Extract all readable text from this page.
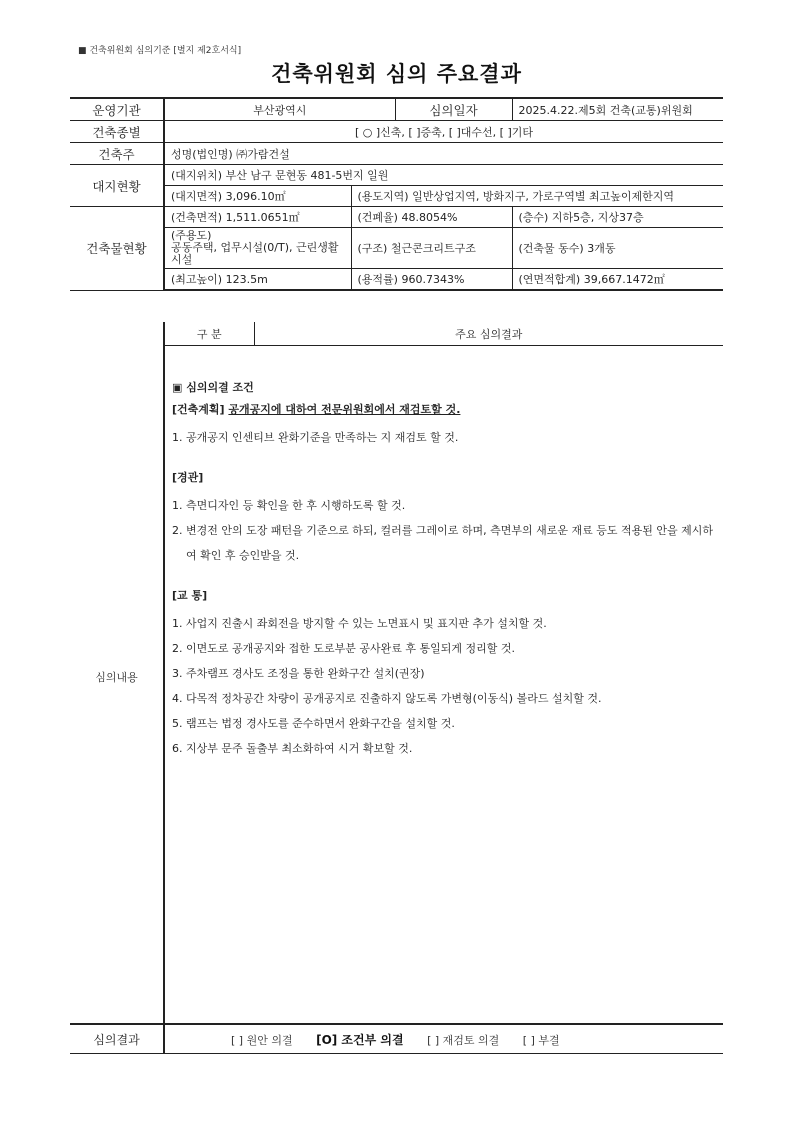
■ 건축위원회 심의기준 [별지 제2호서식]
건축위원회 심의 주요결과
운영기관	부산광역시		심의일자	2025.4.22.제5회 건축(교통)위원회
건축종별	[ ○ ]신축, [ ]증축, [ ]대수선, [ ]기타			
건축주	성명(법인명) ㈜가람건설			
대지현황	(대지위치) 부산 남구 문현동 481-5번지 일원			
	(대지면적) 3,096.10㎡	(용도지역) 일반상업지역, 방화지구, 가로구역별 최고높이제한지역		
건축물현황	(건축면적) 1,511.0651㎡	(건폐율) 48.8054%		(층수) 지하5층, 지상37층

	(주용도)
공동주택, 업무시설(0/T), 근린생활시설	(구조) 철근콘크리트구조		(건축물 동수) 3개동
	(최고높이) 123.5m	(용적률) 960.7343%		(연면적합계) 39,667.1472㎡
심의내용	구 분	주요 심의결과

▣ 심의의결 조건
[건축계획] 공개공지에 대하여 전문위원회에서 재검토할 것.
1. 공개공지 인센티브 완화기준을 만족하는 지 재검토 할 것.
[경관]
1. 측면디자인 등 확인을 한 후 시행하도록 할 것.
2. 변경전 안의 도장 패턴을 기준으로 하되, 컬러를 그레이로 하며, 측면부의 새로운 재료 등도 적용된 안을 제시하여 확인 후 승인받을 것.
[교 통]
1. 사업지 진출시 좌회전을 방지할 수 있는 노면표시 및 표지판 추가 설치할 것.
2. 이면도로 공개공지와 접한 도로부분 공사완료 후 통일되게 정리할 것.
3. 주차램프 경사도 조정을 통한 완화구간 설치(권장)
4. 다목적 정차공간 차량이 공개공지로 진출하지 않도록 가변형(이동식) 볼라드 설치할 것.
5. 램프는 법정 경사도를 준수하면서 완화구간을 설치할 것.
6. 지상부 문주 돌출부 최소화하여 시거 확보할 것.
심의결과	[ ] 원안 의결 [O] 조건부 의결 [ ] 재검토 의결 [ ] 부결
